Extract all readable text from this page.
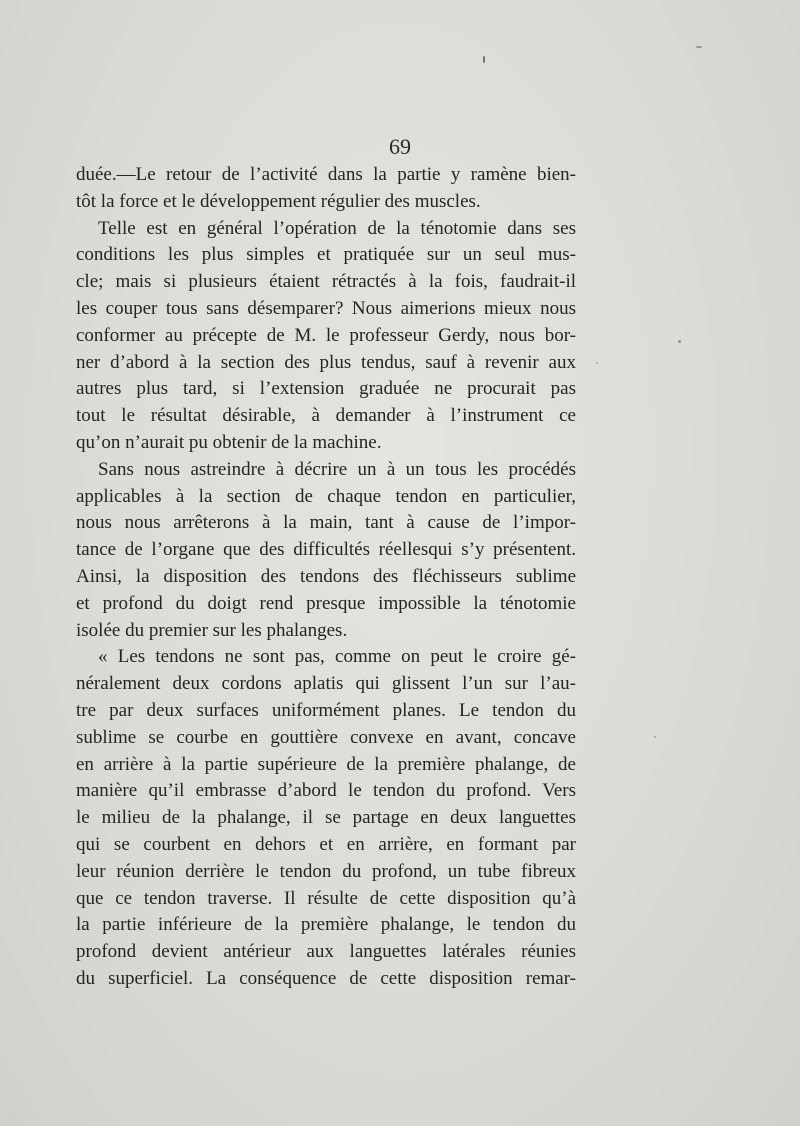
69
duée.—Le retour de l’activité dans la partie y ramène bien-
tôt la force et le développement régulier des muscles.
Telle est en général l’opération de la ténotomie dans ses
conditions les plus simples et pratiquée sur un seul mus-
cle; mais si plusieurs étaient rétractés à la fois, faudrait-il
les couper tous sans désemparer? Nous aimerions mieux nous
conformer au précepte de M. le professeur Gerdy, nous bor-
ner d’abord à la section des plus tendus, sauf à revenir aux
autres plus tard, si l’extension graduée ne procurait pas
tout le résultat désirable, à demander à l’instrument ce
qu’on n’aurait pu obtenir de la machine.
Sans nous astreindre à décrire un à un tous les procédés
applicables à la section de chaque tendon en particulier,
nous nous arrêterons à la main, tant à cause de l’impor-
tance de l’organe que des difficultés réellesqui s’y présentent.
Ainsi, la disposition des tendons des fléchisseurs sublime
et profond du doigt rend presque impossible la ténotomie
isolée du premier sur les phalanges.
« Les tendons ne sont pas, comme on peut le croire gé-
néralement deux cordons aplatis qui glissent l’un sur l’au-
tre par deux surfaces uniformément planes. Le tendon du
sublime se courbe en gouttière convexe en avant, concave
en arrière à la partie supérieure de la première phalange, de
manière qu’il embrasse d’abord le tendon du profond. Vers
le milieu de la phalange, il se partage en deux languettes
qui se courbent en dehors et en arrière, en formant par
leur réunion derrière le tendon du profond, un tube fibreux
que ce tendon traverse. Il résulte de cette disposition qu’à
la partie inférieure de la première phalange, le tendon du
profond devient antérieur aux languettes latérales réunies
du superficiel. La conséquence de cette disposition remar-
